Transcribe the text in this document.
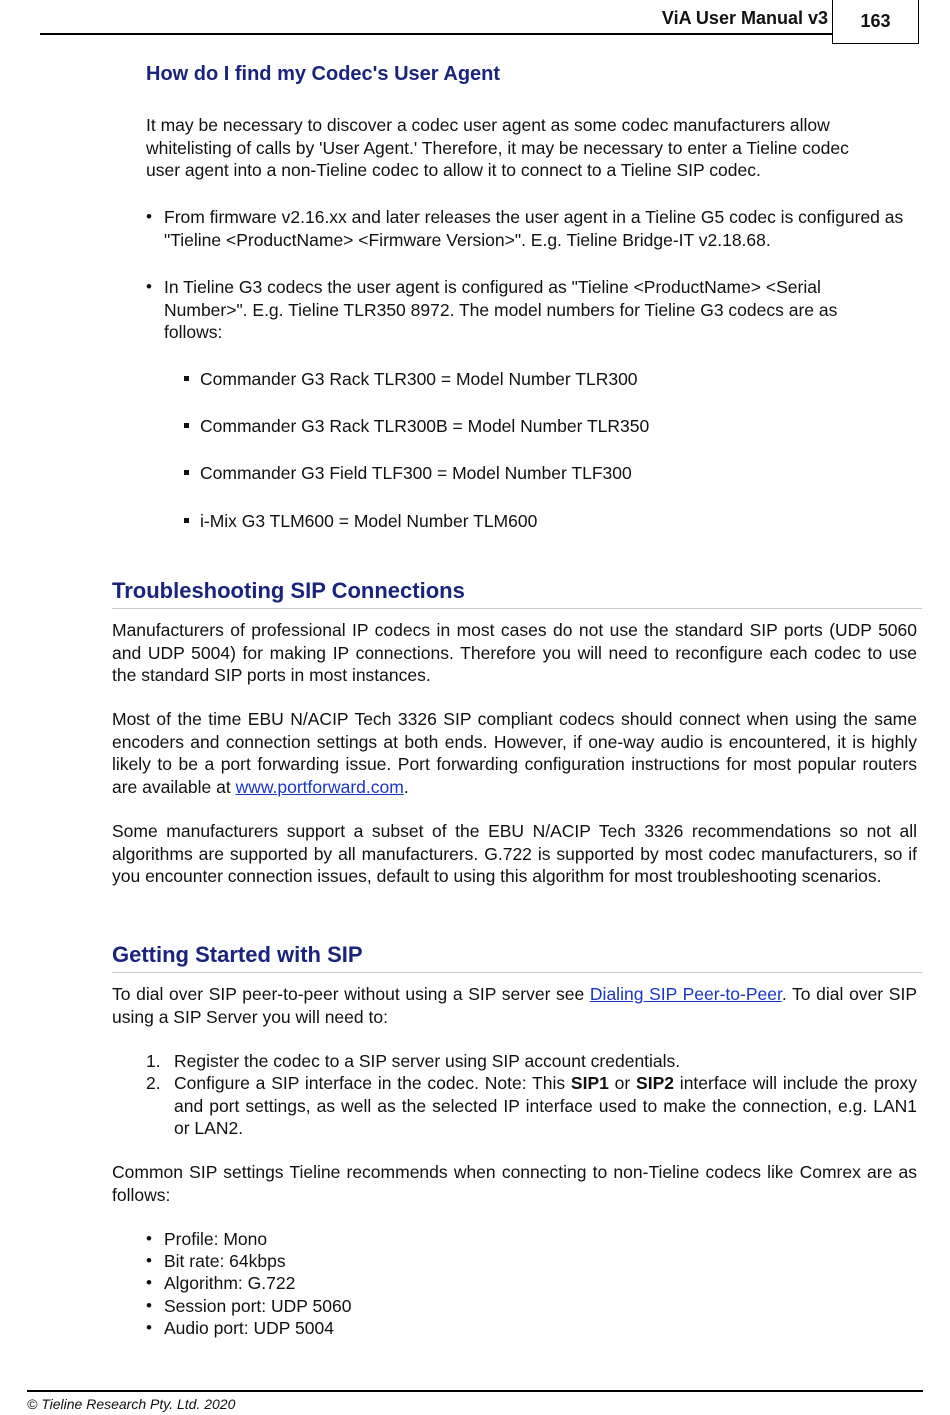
ViA User Manual v3	163
How do I find my Codec's User Agent

It may be necessary to discover a codec user agent as some codec manufacturers allow whitelisting of calls by 'User Agent.' Therefore, it may be necessary to enter a Tieline codec user agent into a non-Tieline codec to allow it to connect to a Tieline SIP codec.

• From firmware v2.16.xx and later releases the user agent in a Tieline G5 codec is configured as "Tieline <ProductName> <Firmware Version>". E.g. Tieline Bridge-IT v2.18.68.

• In Tieline G3 codecs the user agent is configured as "Tieline <ProductName> <Serial Number>". E.g. Tieline TLR350 8972. The model numbers for Tieline G3 codecs are as follows:

Commander G3 Rack TLR300 = Model Number TLR300

Commander G3 Rack TLR300B = Model Number TLR350

Commander G3 Field TLF300 = Model Number TLF300

i-Mix G3 TLM600 = Model Number TLM600

Troubleshooting SIP Connections

Manufacturers of professional IP codecs in most cases do not use the standard SIP ports (UDP 5060 and UDP 5004) for making IP connections. Therefore you will need to reconfigure each codec to use the standard SIP ports in most instances.

Most of the time EBU N/ACIP Tech 3326 SIP compliant codecs should connect when using the same encoders and connection settings at both ends. However, if one-way audio is encountered, it is highly likely to be a port forwarding issue. Port forwarding configuration instructions for most popular routers are available at www.portforward.com.

Some manufacturers support a subset of the EBU N/ACIP Tech 3326 recommendations so not all algorithms are supported by all manufacturers. G.722 is supported by most codec manufacturers, so if you encounter connection issues, default to using this algorithm for most troubleshooting scenarios.

Getting Started with SIP

To dial over SIP peer-to-peer without using a SIP server see Dialing SIP Peer-to-Peer. To dial over SIP using a SIP Server you will need to:

1. Register the codec to a SIP server using SIP account credentials.

2. Configure a SIP interface in the codec. Note: This SIP1 or SIP2 interface will include the proxy and port settings, as well as the selected IP interface used to make the connection, e.g. LAN1 or LAN2.

Common SIP settings Tieline recommends when connecting to non-Tieline codecs like Comrex are as follows:

• Profile: Mono

• Bit rate: 64kbps

• Algorithm: G.722

• Session port: UDP 5060

• Audio port: UDP 5004

© Tieline Research Pty. Ltd. 2020
